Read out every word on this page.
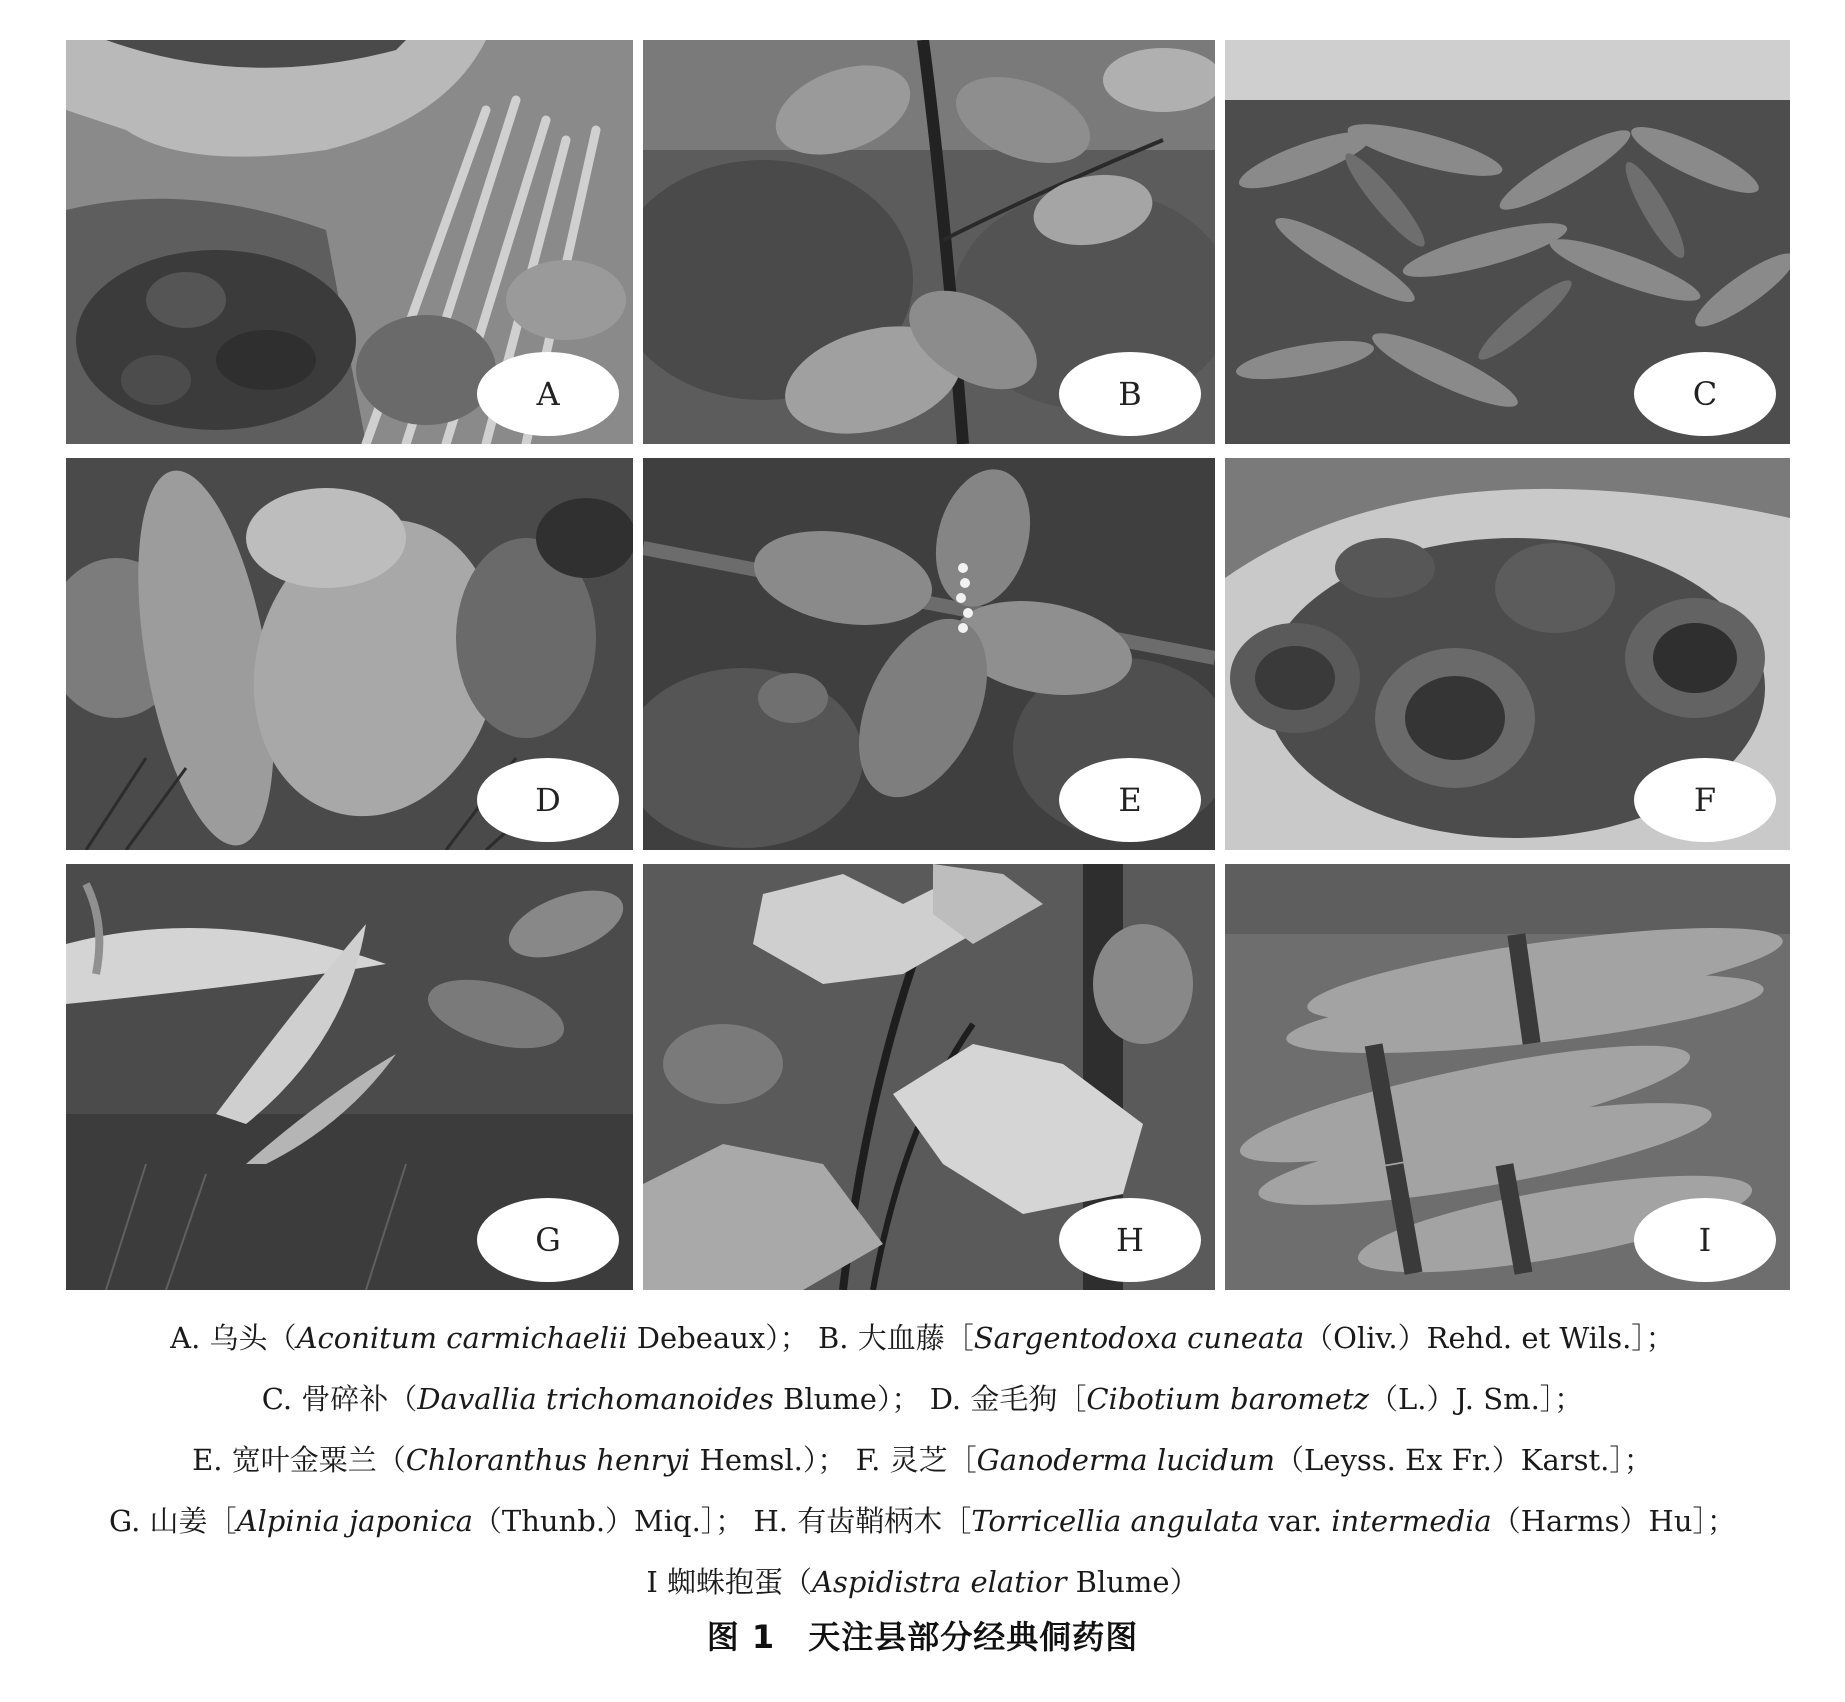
A	B	C
D	E	F
G	H	I
A. 乌头（Aconitum carmichaelii Debeaux）； B. 大血藤［Sargentodoxa cuneata（Oliv.）Rehd. et Wils.］；
C. 骨碎补（Davallia trichomanoides Blume）； D. 金毛狗［Cibotium barometz（L.）J. Sm.］；
E. 宽叶金粟兰（Chloranthus henryi Hemsl.）； F. 灵芝［Ganoderma lucidum（Leyss. Ex Fr.）Karst.］；
G. 山姜［Alpinia japonica（Thunb.）Miq.］； H. 有齿鞘柄木［Torricellia angulata var. intermedia（Harms）Hu］；
I 蜘蛛抱蛋（Aspidistra elatior Blume）
图 1　天注县部分经典侗药图
